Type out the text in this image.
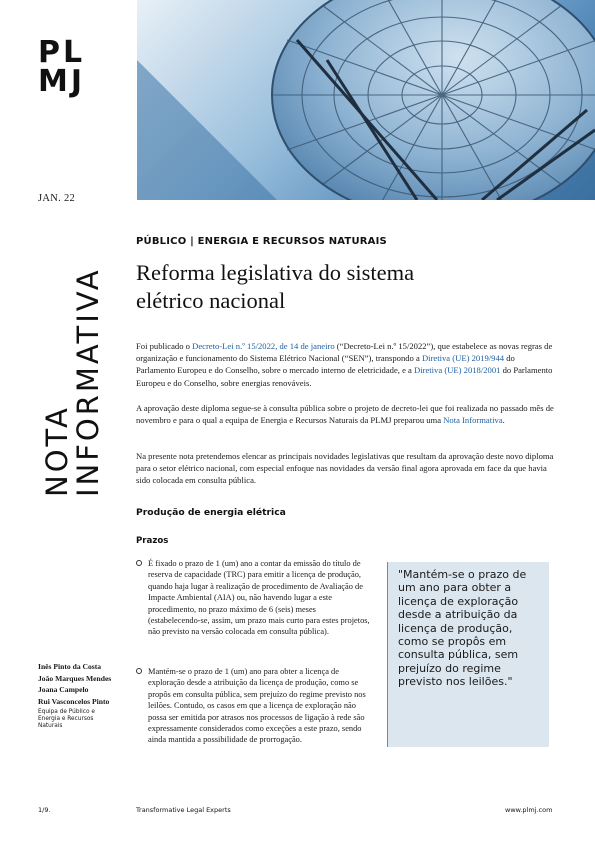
PL
MJ
JAN. 22
NOTA
INFORMATIVA
PÚBLICO | ENERGIA E RECURSOS NATURAIS
Reforma legislativa do sistema
elétrico nacional
Foi publicado o Decreto-Lei n.º 15/2022, de 14 de janeiro (“Decreto-Lei n.º 15/2022”), que estabelece as novas regras de organização e funcionamento do Sistema Elétrico Nacional (“SEN”), transpondo a Diretiva (UE) 2019/944 do Parlamento Europeu e do Conselho, sobre o mercado interno de eletricidade, e a Diretiva (UE) 2018/2001 do Parlamento Europeu e do Conselho, sobre energias renováveis.
A aprovação deste diploma segue-se à consulta pública sobre o projeto de decreto-lei que foi realizada no passado mês de novembro e para o qual a equipa de Energia e Recursos Naturais da PLMJ preparou uma Nota Informativa.
Na presente nota pretendemos elencar as principais novidades legislativas que resultam da aprovação deste novo diploma para o setor elétrico nacional, com especial enfoque nas novidades da versão final agora aprovada em face da que havia sido colocada em consulta pública.
Produção de energia elétrica
Prazos
É fixado o prazo de 1 (um) ano a contar da emissão do título de reserva de capacidade (TRC) para emitir a licença de produção, quando haja lugar à realização de procedimento de Avaliação de Impacte Ambiental (AIA) ou, não havendo lugar a este procedimento, no prazo máximo de 6 (seis) meses (estabelecendo-se, assim, um prazo mais curto para estes projetos, não previsto na versão colocada em consulta pública).
Mantém-se o prazo de 1 (um) ano para obter a licença de exploração desde a atribuição da licença de produção, como se propôs em consulta pública, sem prejuízo do regime previsto nos leilões. Contudo, os casos em que a licença de exploração não possa ser emitida por atrasos nos processos de ligação à rede são expressamente considerados como exceções a este prazo, sendo ainda mantida a possibilidade de prorrogação.
"Mantém-se o prazo de um ano para obter a licença de exploração desde a atribuição da licença de produção, como se propôs em consulta pública, sem prejuízo do regime previsto nos leilões."
Inês Pinto da Costa
João Marques Mendes
Joana Campelo
Rui Vasconcelos Pinto
Equipa de Público e Energia e Recursos Naturais
1/9.	Transformative Legal Experts	www.plmj.com
